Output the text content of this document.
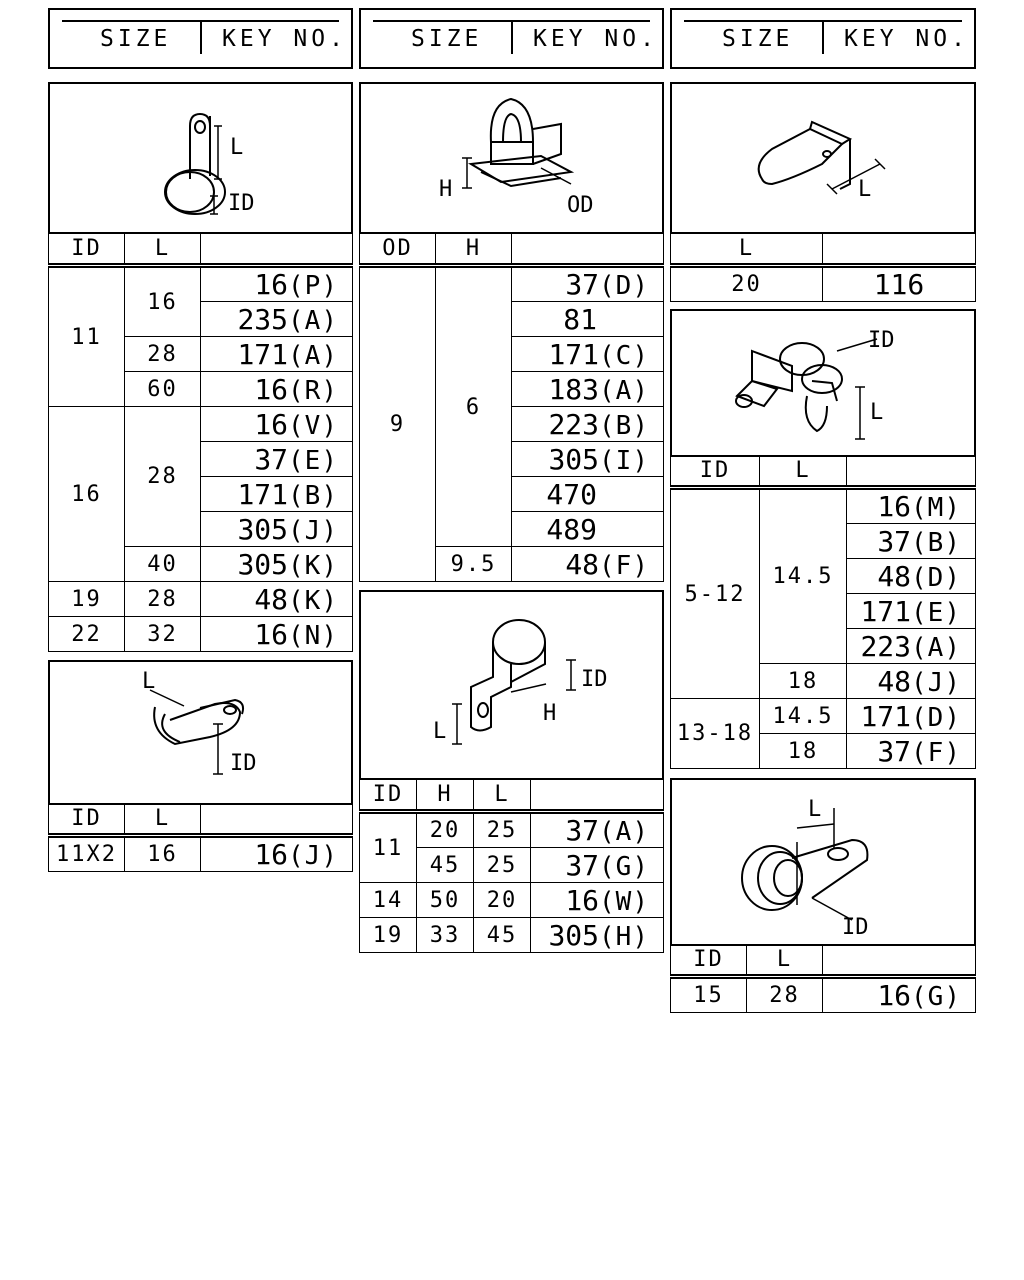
SIZE KEY NO.	SIZE KEY NO.	SIZE KEY NO.
L
ID
ID	L	
11	16	16(P)
		235(A)
	28	171(A)
	60	16(R)
16	28	16(V)
		37(E)
		171(B)
		305(J)
	40	305(K)
19	28	48(K)
22	32	16(N)
L
ID
ID	L	
11X2	16	16(J)
H
OD
OD	H	
9	6	37(D)
		81
		171(C)
		183(A)
		223(B)
		305(I)
		470
		489
	9.5	48(F)
L
H
ID
ID	H	L	
11	20	25	37(A)
	45	25	37(G)
14	50	20	16(W)
19	33	45	305(H)
L
L	
20	116
ID
L
ID	L	
5-12	14.5	16(M)
		37(B)
		48(D)
		171(E)
		223(A)
	18	48(J)
13-18	14.5	171(D)
	18	37(F)
L
ID
ID	L	
15	28	16(G)
